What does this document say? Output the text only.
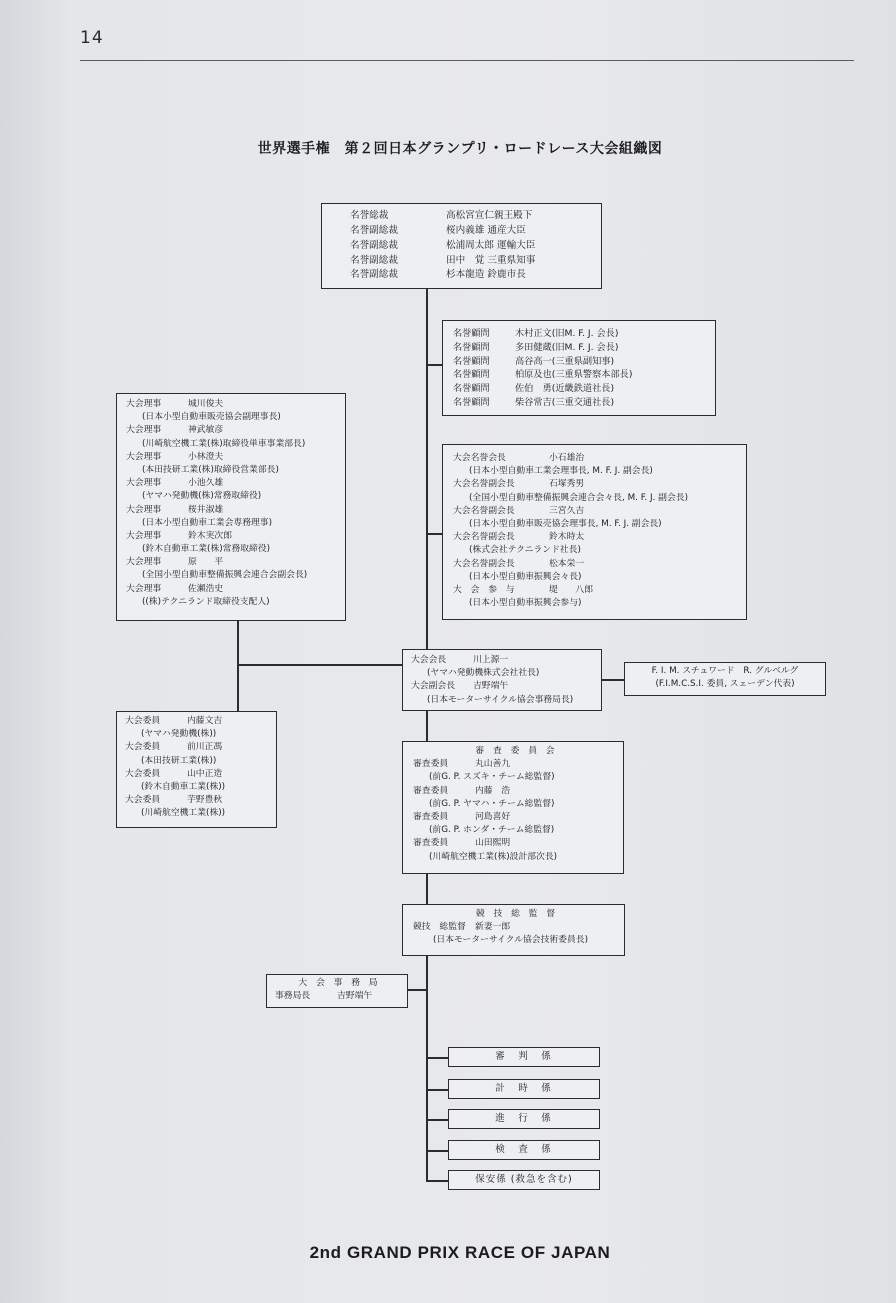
14
世界選手権　第２回日本グランプリ・ロードレース大会組織図
名誉総裁	高松宮宣仁親王殿下
名誉副総裁	桜内義雄 通産大臣
名誉副総裁	松浦周太郎 運輸大臣
名誉副総裁	田中　覚 三重県知事
名誉副総裁	杉本龍造 鈴鹿市長
名誉顧問	木村正文(旧M. F. J. 会長)
名誉顧問	多田健蔵(旧M. F. J. 会長)
名誉顧問	高谷高一(三重県副知事)
名誉顧問	柏原及也(三重県警察本部長)
名誉顧問	佐伯　勇(近畿鉄道社長)
名誉顧問	柴谷常吉(三重交通社長)
大会理事	城川俊夫
(日本小型自動車販売協会副理事長)
大会理事	神武敏彦
(川崎航空機工業(株)取締役単車事業部長)
大会理事	小林澄夫
(本田技研工業(株)取締役営業部長)
大会理事	小池久雄
(ヤマハ発動機(株)常務取締役)
大会理事	桜井淑雄
(日本小型自動車工業会専務理事)
大会理事	鈴木実次郎
(鈴木自動車工業(株)常務取締役)
大会理事	原　　平
(全国小型自動車整備振興会連合会副会長)
大会理事	佐瀬浩史
((株)テクニランド取締役支配人)
大会名誉会長	小石雄治
(日本小型自動車工業会理事長, M. F. J. 副会長)
大会名誉副会長	石塚秀男
(全国小型自動車整備振興会連合会々長, M. F. J. 副会長)
大会名誉副会長	三宮久吉
(日本小型自動車販売協会理事長, M. F. J. 副会長)
大会名誉副会長	鈴木時太
(株式会社テクニランド社長)
大会名誉副会長	松本栄一
(日本小型自動車振興会々長)
大　会　参　与	堤　　八郎
(日本小型自動車振興会参与)
大会会長	川上源一
(ヤマハ発動機株式会社社長)
大会副会長 吉野端午
(日本モーターサイクル協会事務局長)
F. I. M. スチュワード　R. グルベルグ
(F.I.M.C.S.I. 委員, スェーデン代表)
大会委員	内藤文吉
(ヤマハ発動機(株))
大会委員	前川正馮
(本田技研工業(株))
大会委員	山中正造
(鈴木自動車工業(株))
大会委員	芋野豊秋
(川崎航空機工業(株))
審　査　委　員　会
審査委員	丸山善九
(前G. P. スズキ・チーム総監督)
審査委員	内藤　浩
(前G. P. ヤマハ・チーム総監督)
審査委員	河島喜好
(前G. P. ホンダ・チーム総監督)
審査委員	山田熙明
(川崎航空機工業(株)設計部次長)
競　技　総　監　督
競技　総監督 新妻一郎
(日本モーターサイクル協会技術委員長)
大　会　事　務　局
事務局長	吉野端午
審　判　係
計　時　係
進　行　係
検　査　係
保安係 (救急を含む)
2nd GRAND PRIX RACE OF JAPAN
